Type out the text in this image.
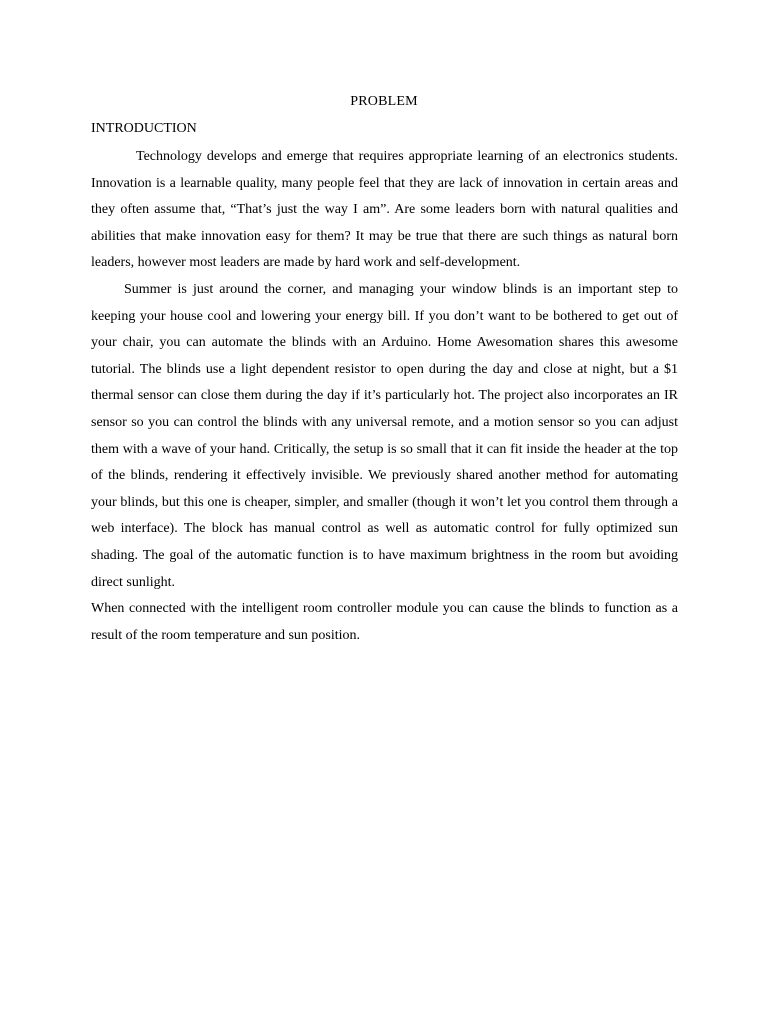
PROBLEM
INTRODUCTION

Technology develops and emerge that requires appropriate learning of an electronics students. Innovation is a learnable quality, many people feel that they are lack of innovation in certain areas and they often assume that, “That’s just the way I am”. Are some leaders born with natural qualities and abilities that make innovation easy for them? It may be true that there are such things as natural born leaders, however most leaders are made by hard work and self-development.

Summer is just around the corner, and managing your window blinds is an important step to keeping your house cool and lowering your energy bill. If you don’t want to be bothered to get out of your chair, you can automate the blinds with an Arduino. Home Awesomation shares this awesome tutorial. The blinds use a light dependent resistor to open during the day and close at night, but a $1 thermal sensor can close them during the day if it’s particularly hot. The project also incorporates an IR sensor so you can control the blinds with any universal remote, and a motion sensor so you can adjust them with a wave of your hand. Critically, the setup is so small that it can fit inside the header at the top of the blinds, rendering it effectively invisible. We previously shared another method for automating your blinds, but this one is cheaper, simpler, and smaller (though it won’t let you control them through a web interface). The block has manual control as well as automatic control for fully optimized sun shading. The goal of the automatic function is to have maximum brightness in the room but avoiding direct sunlight.

When connected with the intelligent room controller module you can cause the blinds to function as a result of the room temperature and sun position.
